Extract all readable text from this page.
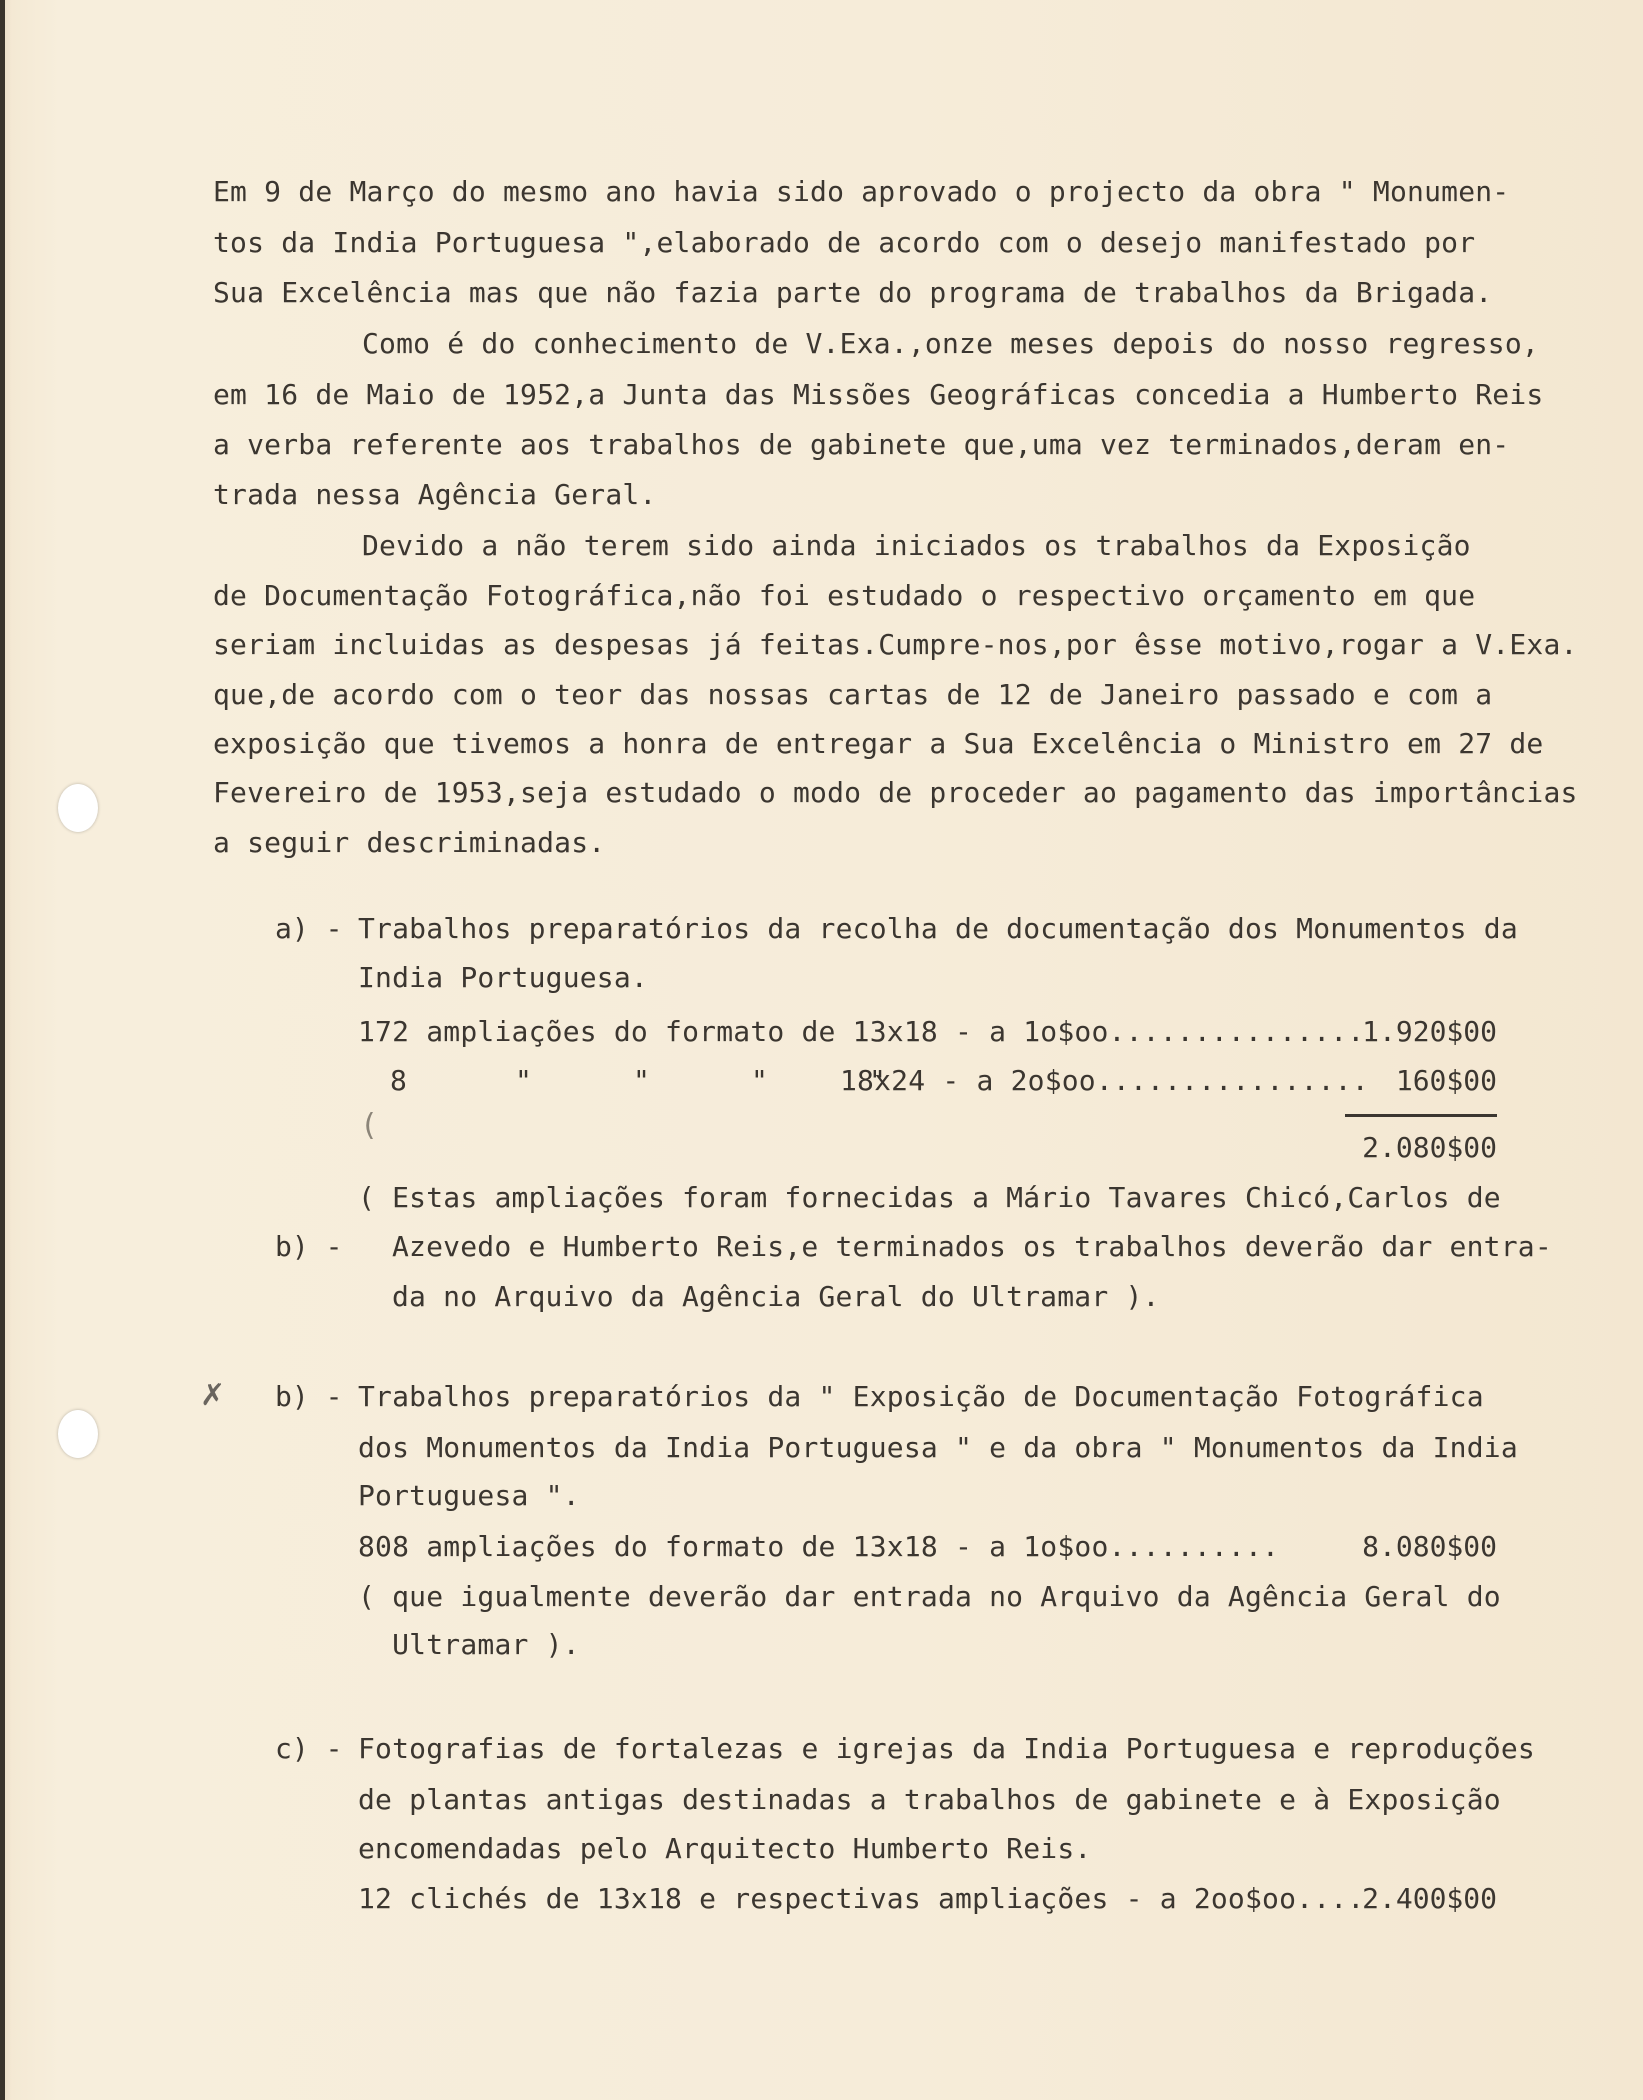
Em 9 de Março do mesmo ano havia sido aprovado o projecto da obra " Monumen-
tos da India Portuguesa ",elaborado de acordo com o desejo manifestado por
Sua Excelência mas que não fazia parte do programa de trabalhos da Brigada.
Como é do conhecimento de V.Exa.,onze meses depois do nosso regresso,
em 16 de Maio de 1952,a Junta das Missões Geográficas concedia a Humberto Reis
a verba referente aos trabalhos de gabinete que,uma vez terminados,deram en-
trada nessa Agência Geral.
Devido a não terem sido ainda iniciados os trabalhos da Exposição
de Documentação Fotográfica,não foi estudado o respectivo orçamento em que
seriam incluidas as despesas já feitas.Cumpre-nos,por êsse motivo,rogar a V.Exa.
que,de acordo com o teor das nossas cartas de 12 de Janeiro passado e com a
exposição que tivemos a honra de entregar a Sua Excelência o Ministro em 27 de
Fevereiro de 1953,seja estudado o modo de proceder ao pagamento das importâncias
a seguir descriminadas.
a) - Trabalhos preparatórios da recolha de documentação dos Monumentos da
India Portuguesa.
172 ampliações do formato de 13x18 - a 1o$oo...............
1.920$00
8	"      "      "      "
18x24 - a 2o$oo................ 160$00
(
2.080$00
( Estas ampliações foram fornecidas a Mário Tavares Chicó,Carlos de
b) - Azevedo e Humberto Reis,e terminados os trabalhos deverão dar entra-
da no Arquivo da Agência Geral do Ultramar ).
✗ b) - Trabalhos preparatórios da " Exposição de Documentação Fotográfica
dos Monumentos da India Portuguesa " e da obra " Monumentos da India
Portuguesa ".
808 ampliações do formato de 13x18 - a 1o$oo..........	8.080$00
( que igualmente deverão dar entrada no Arquivo da Agência Geral do
Ultramar ).
c) - Fotografias de fortalezas e igrejas da India Portuguesa e reproduções
de plantas antigas destinadas a trabalhos de gabinete e à Exposição
encomendadas pelo Arquitecto Humberto Reis.
12 clichés de 13x18 e respectivas ampliações - a 2oo$oo....
2.400$00
